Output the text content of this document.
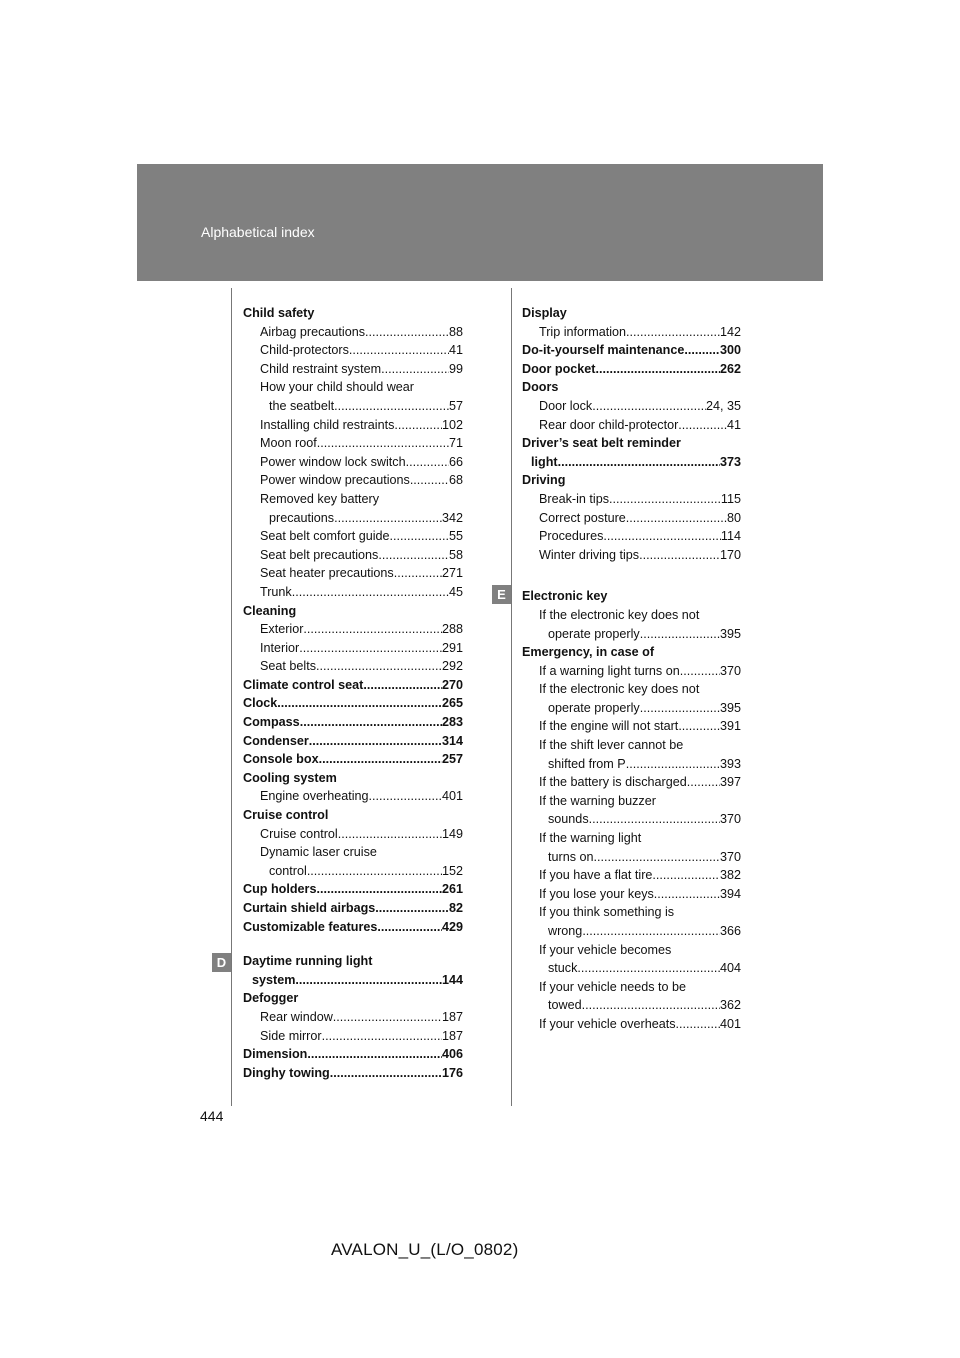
Alphabetical index
D
E
Child safety
Airbag precautions .....	88
Child-protectors .....	41
Child restraint system .....	99
How your child should wear
the seatbelt .....	57
Installing child restraints .....	102
Moon roof .....	71
Power window lock switch .....	66
Power window precautions .....	68
Removed key battery
precautions .....	342
Seat belt comfort guide .....	55
Seat belt precautions .....	58
Seat heater precautions .....	271
Trunk .....	45
Cleaning
Exterior .....	288
Interior .....	291
Seat belts .....	292
Climate control seat .....	270
Clock .....	265
Compass .....	283
Condenser .....	314
Console box .....	257
Cooling system
Engine overheating .....	401
Cruise control
Cruise control .....	149
Dynamic laser cruise
control .....	152
Cup holders .....	261
Curtain shield airbags .....	82
Customizable features .....	429
Daytime running light
system .....	144
Defogger
Rear window .....	187
Side mirror .....	187
Dimension .....	406
Dinghy towing .....	176
Display
Trip information .....	142
Do-it-yourself maintenance .....	300
Door pocket .....	262
Doors
Door lock .....	24, 35
Rear door child-protector .....	41
Driver’s seat belt reminder
light .....	373
Driving
Break-in tips .....	115
Correct posture .....	80
Procedures .....	114
Winter driving tips .....	170
Electronic key
If the electronic key does not
operate properly .....	395
Emergency, in case of
If a warning light turns on .....	370
If the electronic key does not
operate properly .....	395
If the engine will not start .....	391
If the shift lever cannot be
shifted from P .....	393
If the battery is discharged .....	397
If the warning buzzer
sounds .....	370
If the warning light
turns on .....	370
If you have a flat tire .....	382
If you lose your keys .....	394
If you think something is
wrong .....	366
If your vehicle becomes
stuck .....	404
If your vehicle needs to be
towed .....	362
If your vehicle overheats .....	401
444
AVALON_U_(L/O_0802)
